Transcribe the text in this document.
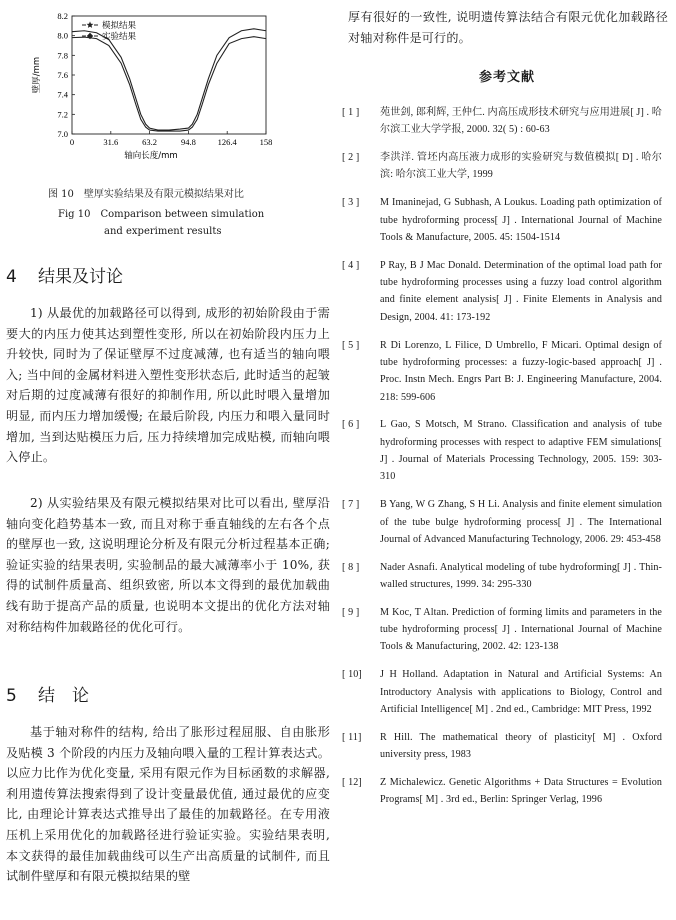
0	31.6	63.2	94.8	126.4	158
7.0
7.2
7.4
7.6
7.8
8.0
8.2
轴向长度/mm
壁厚/mm
模拟结果
实验结果
图 10　壁厚实验结果及有限元模拟结果对比
Fig 10　Comparison between simulation
and experiment results
4 结果及讨论

1) 从最优的加载路径可以得到, 成形的初始阶段由于需要大的内压力使其达到塑性变形, 所以在初始阶段内压力上升较快, 同时为了保证壁厚不过度减薄, 也有适当的轴向喂入; 当中间的金属材料进入塑性变形状态后, 此时适当的起皱对后期的过度减薄有很好的抑制作用, 所以此时喂入量增加明显, 而内压力增加缓慢; 在最后阶段, 内压力和喂入量同时增加, 当到达贴模压力后, 压力持续增加完成贴模, 而轴向喂入停止。

2) 从实验结果及有限元模拟结果对比可以看出, 壁厚沿轴向变化趋势基本一致, 而且对称于垂直轴线的左右各个点的壁厚也一致, 这说明理论分析及有限元分析过程基本正确; 验证实验的结果表明, 实验制品的最大减薄率小于 10%, 获得的试制件质量高、组织致密, 所以本文得到的最优加载曲线有助于提高产品的质量, 也说明本文提出的优化方法对轴对称结构件加载路径的优化可行。

5 结　论

基于轴对称件的结构, 给出了胀形过程屈服、自由胀形及贴模 3 个阶段的内压力及轴向喂入量的工程计算表达式。以应力比作为优化变量, 采用有限元作为目标函数的求解器, 利用遗传算法搜索得到了设计变量最优值, 通过最优的应变比, 由理论计算表达式推导出了最佳的加载路径。在专用液压机上采用优化的加载路径进行验证实验。实验结果表明, 本文获得的最佳加载曲线可以生产出高质量的试制件, 而且试制件壁厚和有限元模拟结果的壁

厚有很好的一致性, 说明遗传算法结合有限元优化加载路径对轴对称件是可行的。

参考文献
[ 1 ] 苑世剑, 郎利辉, 王仲仁. 内高压成形技术研究与应用进展[ J] . 哈尔滨工业大学学报, 2000. 32( 5) : 60-63
[ 2 ] 李洪洋. 管坯内高压液力成形的实验研究与数值模拟[ D] . 哈尔滨: 哈尔滨工业大学, 1999
[ 3 ] M Imaninejad, G Subhash, A Loukus. Loading path optimization of tube hydroforming process[ J] . International Journal of Machine Tools & Manufacture, 2005. 45: 1504-1514
[ 4 ] P Ray, B J Mac Donald. Determination of the optimal load path for tube hydroforming processes using a fuzzy load control algorithm and finite element analysis[ J] . Finite Elements in Analysis and Design, 2004. 41: 173-192
[ 5 ] R Di Lorenzo, L Filice, D Umbrello, F Micari. Optimal design of tube hydroforming processes: a fuzzy-logic-based approach[ J] . Proc. Instn Mech. Engrs Part B: J. Engineering Manufacture, 2004. 218: 599-606
[ 6 ] L Gao, S Motsch, M Strano. Classification and analysis of tube hydroforming processes with respect to adaptive FEM simulations[ J] . Journal of Materials Processing Technology, 2005. 159: 303-310
[ 7 ] B Yang, W G Zhang, S H Li. Analysis and finite element simulation of the tube bulge hydroforming process[ J] . The International Journal of Advanced Manufacturing Technology, 2006. 29: 453-458
[ 8 ] Nader Asnafi. Analytical modeling of tube hydroforming[ J] . Thin-walled structures, 1999. 34: 295-330
[ 9 ] M Koc, T Altan. Prediction of forming limits and parameters in the tube hydroforming process[ J] . International Journal of Machine Tools & Manufacturing, 2002. 42: 123-138
[ 10] J H Holland. Adaptation in Natural and Artificial Systems: An Introductory Analysis with applications to Biology, Control and Artificial Intelligence[ M] . 2nd ed., Cambridge: MIT Press, 1992
[ 11] R Hill. The mathematical theory of plasticity[ M] . Oxford university press, 1983
[ 12] Z Michalewicz. Genetic Algorithms + Data Structures = Evolution Programs[ M] . 3rd ed., Berlin: Springer Verlag, 1996
